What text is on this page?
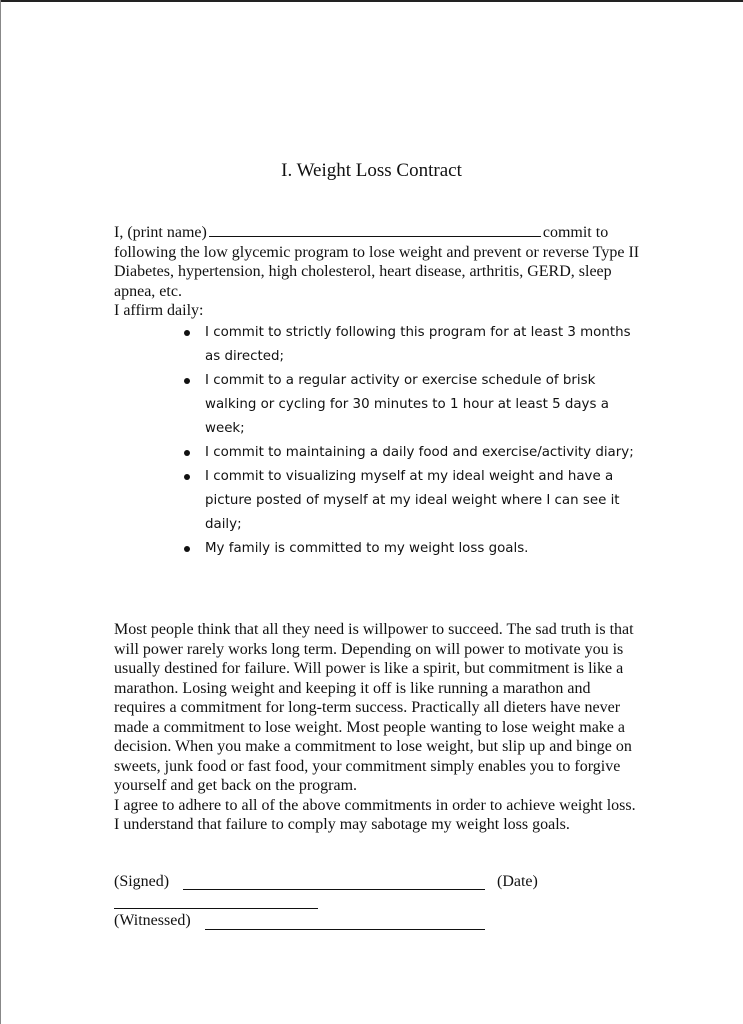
I. Weight Loss Contract
I, (print name)	commit to following the low glycemic program to lose weight and prevent or reverse Type II Diabetes, hypertension, high cholesterol, heart disease, arthritis, GERD, sleep apnea, etc.
I affirm daily:
I commit to strictly following this program for at least 3 months as directed;
I commit to a regular activity or exercise schedule of brisk walking or cycling for 30 minutes to 1 hour at least 5 days a week;
I commit to maintaining a daily food and exercise/activity diary;
I commit to visualizing myself at my ideal weight and have a picture posted of myself at my ideal weight where I can see it daily;
My family is committed to my weight loss goals.

Most people think that all they need is willpower to succeed. The sad truth is that will power rarely works long term. Depending on will power to motivate you is usually destined for failure. Will power is like a spirit, but commitment is like a marathon. Losing weight and keeping it off is like running a marathon and requires a commitment for long-term success. Practically all dieters have never made a commitment to lose weight. Most people wanting to lose weight make a decision. When you make a commitment to lose weight, but slip up and binge on sweets, junk food or fast food, your commitment simply enables you to forgive yourself and get back on the program.

I agree to adhere to all of the above commitments in order to achieve weight loss. I understand that failure to comply may sabotage my weight loss goals.

(Signed)	(Date)
(Witnessed)
